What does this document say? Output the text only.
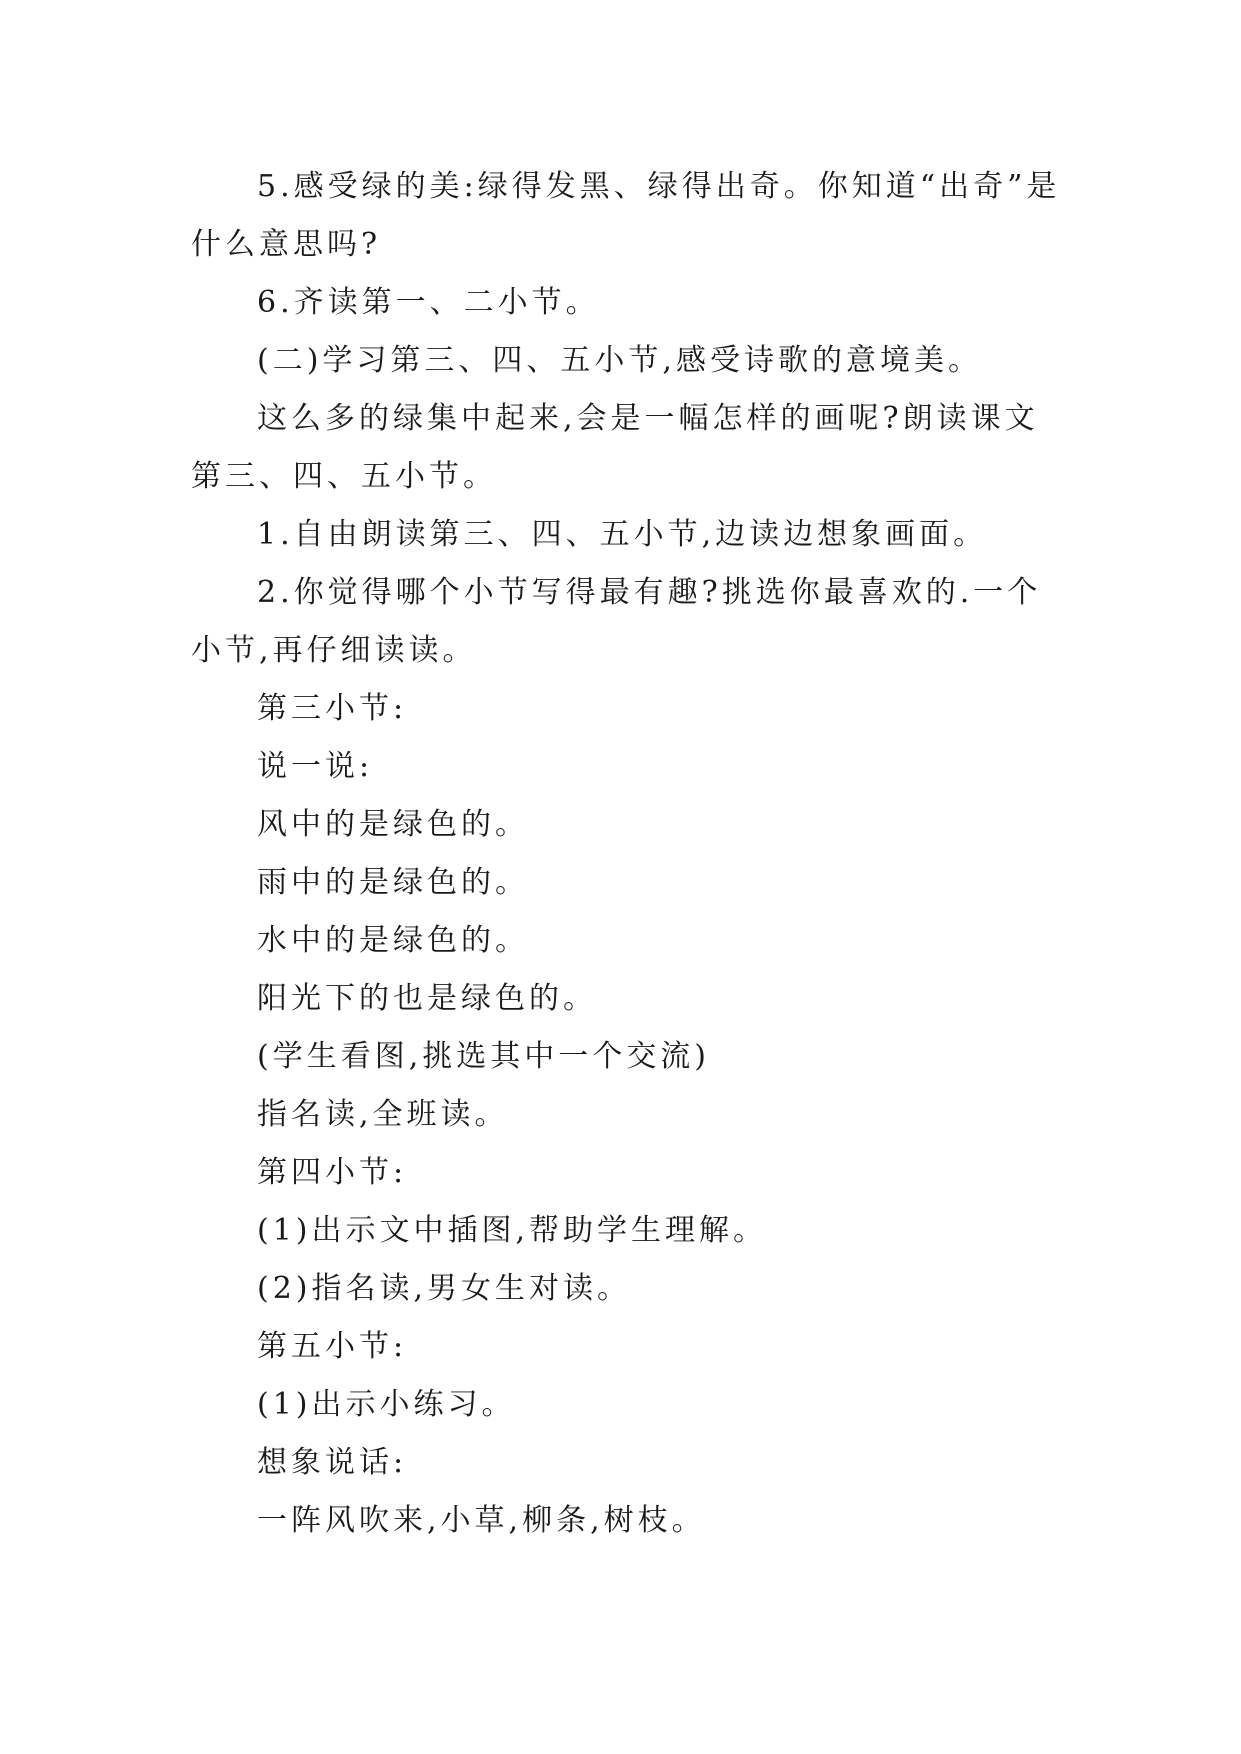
5.感受绿的美:绿得发黑、绿得出奇。你知道“出奇”是什么意思吗?

6.齐读第一、二小节。

(二)学习第三、四、五小节,感受诗歌的意境美。

这么多的绿集中起来,会是一幅怎样的画呢?朗读课文第三、四、五小节。

1.自由朗读第三、四、五小节,边读边想象画面。

2.你觉得哪个小节写得最有趣?挑选你最喜欢的.一个小节,再仔细读读。

第三小节:

说一说:

风中的是绿色的。

雨中的是绿色的。

水中的是绿色的。

阳光下的也是绿色的。

(学生看图,挑选其中一个交流)

指名读,全班读。

第四小节:

(1)出示文中插图,帮助学生理解。

(2)指名读,男女生对读。

第五小节:

(1)出示小练习。

想象说话:

一阵风吹来,小草,柳条,树枝。
